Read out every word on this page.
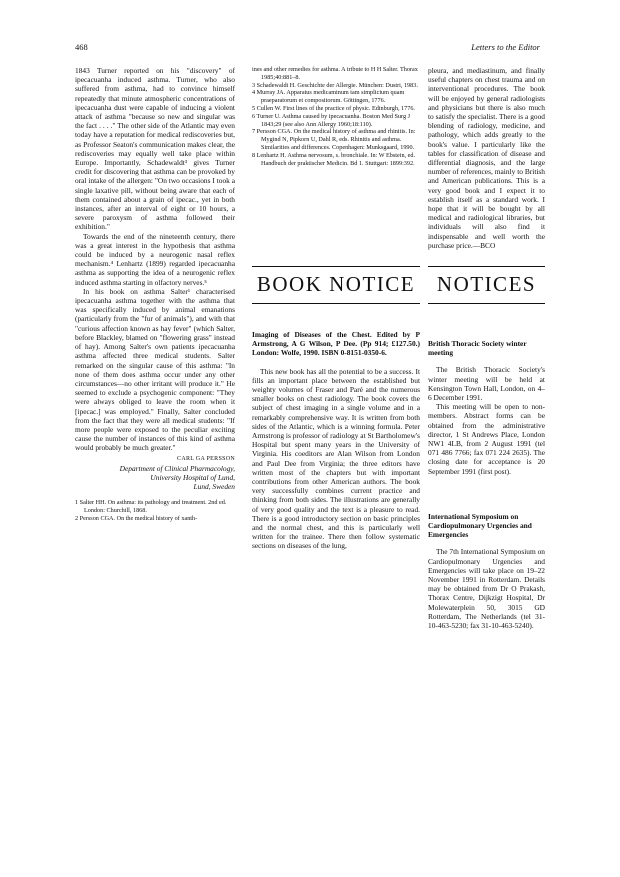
468	Letters to the Editor

1843 Turner reported on his "discovery" of ipecacuanha induced asthma. Turner, who also suffered from asthma, had to convince himself repeatedly that minute atmospheric concentrations of ipecacuanha dust were capable of inducing a violent attack of asthma "because so new and singular was the fact . . . ." The other side of the Atlantic may even today have a reputation for medical rediscoveries but, as Professor Seaton's communication makes clear, the rediscoveries may equally well take place within Europe. Importantly, Schadewaldt³ gives Turner credit for discovering that asthma can be provoked by oral intake of the allergen: "On two occasions I took a single laxative pill, without being aware that each of them contained about a grain of ipecac., yet in both instances, after an interval of eight or 10 hours, a severe paroxysm of asthma followed their exhibition."

Towards the end of the nineteenth century, there was a great interest in the hypothesis that asthma could be induced by a neurogenic nasal reflex mechanism.⁴ Lenhartz (1899) regarded ipecacuanha asthma as supporting the idea of a neurogenic reflex induced asthma starting in olfactory nerves.⁵

In his book on asthma Salter¹ characterised ipecacuanha asthma together with the asthma that was specifically induced by animal emanations (particularly from the "fur of animals"), and with that "curious affection known as hay fever" (which Salter, before Blackley, blamed on "flowering grass" instead of hay). Among Salter's own patients ipecacuanha asthma affected three medical students. Salter remarked on the singular cause of this asthma: "In none of them does asthma occur under any other circumstances—no other irritant will produce it." He seemed to exclude a psychogenic component: "They were always obliged to leave the room when it [ipecac.] was employed." Finally, Salter concluded from the fact that they were all medical students: "If more people were exposed to the peculiar exciting cause the number of instances of this kind of asthma would probably be much greater."

CARL GA PERSSON
Department of Clinical Pharmacology,
University Hospital of Lund,
Lund, Sweden
1 Salter HH. On asthma: its pathology and treatment. 2nd ed. London: Churchill, 1868.
2 Persson CGA. On the medical history of xanth-
ines and other remedies for asthma. A tribute to H H Salter. Thorax 1985;40:881–8.
3 Schadewaldt H. Geschichte der Allergie. München: Dustri, 1983.
4 Murray JA. Apparatus medicaminum tam simplicium quam praeparatorum et compositorum. Göttingen, 1776.
5 Cullen W. First lines of the practice of physic. Edinburgh, 1776.
6 Turner U. Asthma caused by ipecacuanha. Boston Med Surg J 1843;29 (see also Ann Allergy 1960;18:110).
7 Persson CGA. On the medical history of asthma and rhinitis. In: Mygind N, Pipkorn U, Dahl R, eds. Rhinitis and asthma. Similarities and differences. Copenhagen: Munksgaard, 1990.
8 Lenhartz H. Asthma nervosum, s. bronchiale. In: W Ebstein, ed. Handbuch der praktischer Medicin. Bd 1. Stuttgart: 1899:392.

pleura, and mediastinum, and finally useful chapters on chest trauma and on interventional procedures. The book will be enjoyed by general radiologists and physicians but there is also much to satisfy the specialist. There is a good blending of radiology, medicine, and pathology, which adds greatly to the book's value. I particularly like the tables for classification of disease and differential diagnosis, and the large number of references, mainly to British and American publications. This is a very good book and I expect it to establish itself as a standard work. I hope that it will be bought by all medical and radiological libraries, but individuals will also find it indispensable and well worth the purchase price.—BCO

BOOK NOTICE	NOTICES

Imaging of Diseases of the Chest. Edited by P Armstrong, A G Wilson, P Dee. (Pp 914; £127.50.) London: Wolfe, 1990. ISBN 0-8151-0350-6.

This new book has all the potential to be a success. It fills an important place between the established but weighty volumes of Fraser and Paré and the numerous smaller books on chest radiology. The book covers the subject of chest imaging in a single volume and in a remarkably comprehensive way. It is written from both sides of the Atlantic, which is a winning formula. Peter Armstrong is professor of radiology at St Bartholomew's Hospital but spent many years in the University of Virginia. His coeditors are Alan Wilson from London and Paul Dee from Virginia; the three editors have written most of the chapters but with important contributions from other American authors. The book very successfully combines current practice and thinking from both sides. The illustrations are generally of very good quality and the text is a pleasure to read. There is a good introductory section on basic principles and the normal chest, and this is particularly well written for the trainee. There then follow systematic sections on diseases of the lung,

British Thoracic Society winter meeting

The British Thoracic Society's winter meeting will be held at Kensington Town Hall, London, on 4–6 December 1991.

This meeting will be open to non-members. Abstract forms can be obtained from the administrative director, 1 St Andrews Place, London NW1 4LB, from 2 August 1991 (tel 071 486 7766; fax 071 224 2635). The closing date for acceptance is 20 September 1991 (first post).

International Symposium on Cardiopulmonary Urgencies and Emergencies

The 7th International Symposium on Cardiopulmonary Urgencies and Emergencies will take place on 19–22 November 1991 in Rotterdam. Details may be obtained from Dr O Prakash, Thorax Centre, Dijkzigt Hospital, Dr Molewaterplein 50, 3015 GD Rotterdam, The Netherlands (tel 31-10-463-5230; fax 31-10-463-5240).
